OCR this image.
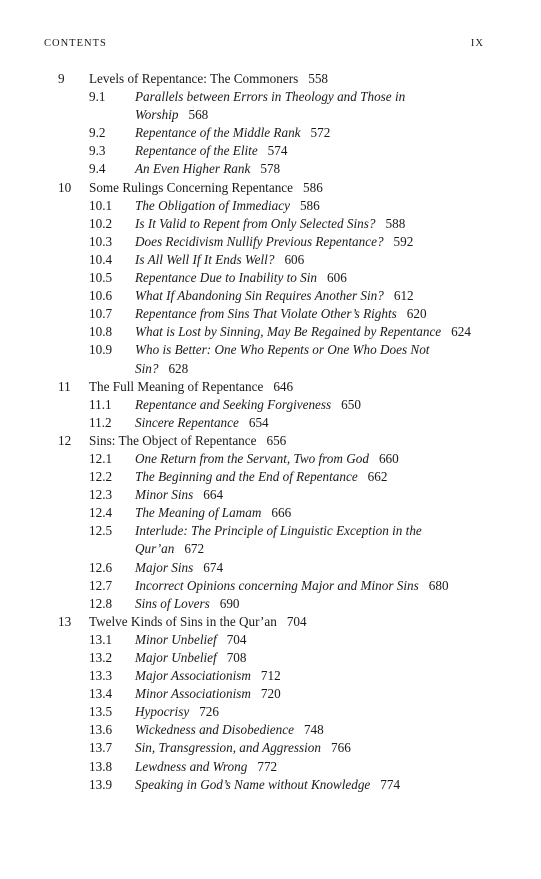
CONTENTS	IX
9 Levels of Repentance: The Commoners 558
9.1 Parallels between Errors in Theology and Those in Worship 568
9.2 Repentance of the Middle Rank 572
9.3 Repentance of the Elite 574
9.4 An Even Higher Rank 578
10 Some Rulings Concerning Repentance 586
10.1 The Obligation of Immediacy 586
10.2 Is It Valid to Repent from Only Selected Sins? 588
10.3 Does Recidivism Nullify Previous Repentance? 592
10.4 Is All Well If It Ends Well? 606
10.5 Repentance Due to Inability to Sin 606
10.6 What If Abandoning Sin Requires Another Sin? 612
10.7 Repentance from Sins That Violate Other’s Rights 620
10.8 What is Lost by Sinning, May Be Regained by Repentance 624
10.9 Who is Better: One Who Repents or One Who Does Not Sin? 628
11 The Full Meaning of Repentance 646
11.1 Repentance and Seeking Forgiveness 650
11.2 Sincere Repentance 654
12 Sins: The Object of Repentance 656
12.1 One Return from the Servant, Two from God 660
12.2 The Beginning and the End of Repentance 662
12.3 Minor Sins 664
12.4 The Meaning of Lamam 666
12.5 Interlude: The Principle of Linguistic Exception in the Qur’an 672
12.6 Major Sins 674
12.7 Incorrect Opinions concerning Major and Minor Sins 680
12.8 Sins of Lovers 690
13 Twelve Kinds of Sins in the Qur’an 704
13.1 Minor Unbelief 704
13.2 Major Unbelief 708
13.3 Major Associationism 712
13.4 Minor Associationism 720
13.5 Hypocrisy 726
13.6 Wickedness and Disobedience 748
13.7 Sin, Transgression, and Aggression 766
13.8 Lewdness and Wrong 772
13.9 Speaking in God’s Name without Knowledge 774
